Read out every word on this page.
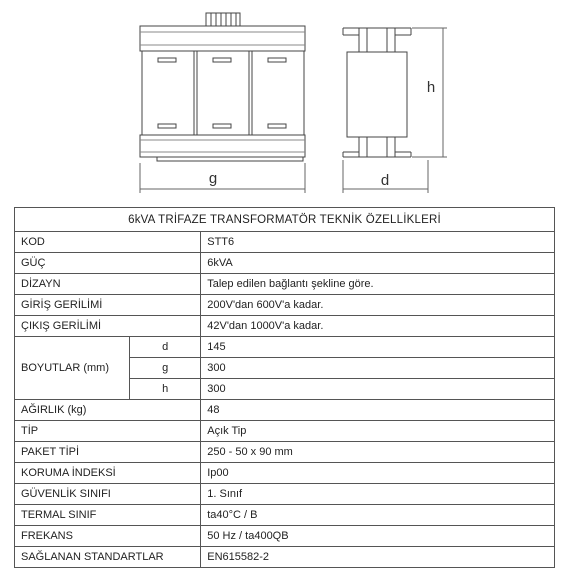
g	d
h
6kVA TRİFAZE TRANSFORMATÖR TEKNİK ÖZELLİKLERİ		
KOD		STT6
GÜÇ		6kVA
DİZAYN		Talep edilen bağlantı şekline göre.
GİRİŞ GERİLİMİ		200V'dan 600V'a kadar.
ÇIKIŞ GERİLİMİ		42V'dan 1000V'a kadar.
BOYUTLAR (mm)	d	145
	g	300
	h	300
AĞIRLIK (kg)		48
TİP		Açık Tip
PAKET TİPİ		250 - 50 x 90 mm
KORUMA İNDEKSİ		Ip00
GÜVENLİK SINIFI		1. Sınıf
TERMAL SINIF		ta40°C / B
FREKANS		50 Hz / ta400QB
SAĞLANAN STANDARTLAR		EN615582-2
